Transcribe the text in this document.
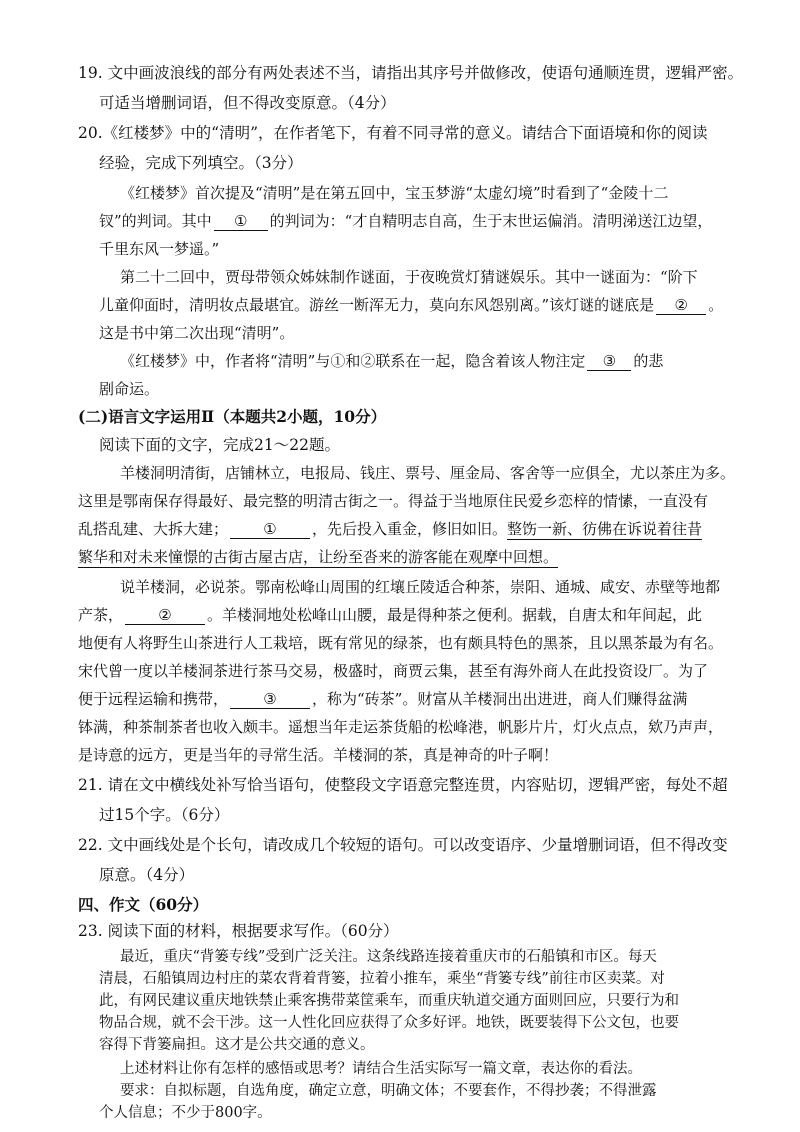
19. 文中画波浪线的部分有两处表述不当，请指出其序号并做修改，使语句通顺连贯，逻辑严密。
可适当增删词语，但不得改变原意。（4分）
20.《红楼梦》中的“清明”，在作者笔下，有着不同寻常的意义。请结合下面语境和你的阅读
经验，完成下列填空。（3分）
《红楼梦》首次提及“清明”是在第五回中，宝玉梦游“太虚幻境”时看到了“金陵十二
钗”的判词。其中 ① 的判词为：“才自精明志自高，生于末世运偏消。清明涕送江边望，
千里东风一梦遥。”
第二十二回中，贾母带领众姊妹制作谜面，于夜晚赏灯猜谜娱乐。其中一谜面为：“阶下
儿童仰面时，清明妆点最堪宜。游丝一断浑无力，莫向东风怨别离。”该灯谜的谜底是 ② 。
这是书中第二次出现“清明”。
《红楼梦》中，作者将“清明”与①和②联系在一起，隐含着该人物注定 ③ 的悲
剧命运。
(二)语言文字运用Ⅱ（本题共2小题，10分）
阅读下面的文字，完成21～22题。
羊楼洞明清街，店铺林立，电报局、钱庄、票号、厘金局、客舍等一应俱全，尤以茶庄为多。
这里是鄂南保存得最好、最完整的明清古街之一。得益于当地原住民爱乡恋梓的情愫，一直没有
乱搭乱建、大拆大建； ① ，先后投入重金，修旧如旧。整饬一新、彷佛在诉说着往昔
繁华和对未来憧憬的古街古屋古店，让纷至沓来的游客能在观摩中回想。
说羊楼洞，必说茶。鄂南松峰山周围的红壤丘陵适合种茶，崇阳、通城、咸安、赤壁等地都
产茶， ② 。羊楼洞地处松峰山山腰，最是得种茶之便利。据载，自唐太和年间起，此
地便有人将野生山茶进行人工栽培，既有常见的绿茶，也有颇具特色的黑茶，且以黑茶最为有名。
宋代曾一度以羊楼洞茶进行茶马交易，极盛时，商贾云集，甚至有海外商人在此投资设厂。为了
便于远程运输和携带， ③ ，称为“砖茶”。财富从羊楼洞出出进进，商人们赚得盆满
钵满，种茶制茶者也收入颇丰。遥想当年走运茶货船的松峰港，帆影片片，灯火点点，欸乃声声，
是诗意的远方，更是当年的寻常生活。羊楼洞的茶，真是神奇的叶子啊！
21. 请在文中横线处补写恰当语句，使整段文字语意完整连贯，内容贴切，逻辑严密，每处不超
过15个字。（6分）
22. 文中画线处是个长句，请改成几个较短的语句。可以改变语序、少量增删词语，但不得改变
原意。（4分）
四、作文（60分）
23. 阅读下面的材料，根据要求写作。（60分）
最近，重庆“背篓专线”受到广泛关注。这条线路连接着重庆市的石船镇和市区。每天
清晨，石船镇周边村庄的菜农背着背篓，拉着小推车，乘坐“背篓专线”前往市区卖菜。对
此，有网民建议重庆地铁禁止乘客携带菜筐乘车，而重庆轨道交通方面则回应，只要行为和
物品合规，就不会干涉。这一人性化回应获得了众多好评。地铁，既要装得下公文包，也要
容得下背篓扁担。这才是公共交通的意义。
上述材料让你有怎样的感悟或思考？请结合生活实际写一篇文章，表达你的看法。
要求：自拟标题，自选角度，确定立意，明确文体；不要套作，不得抄袭；不得泄露
个人信息；不少于800字。
